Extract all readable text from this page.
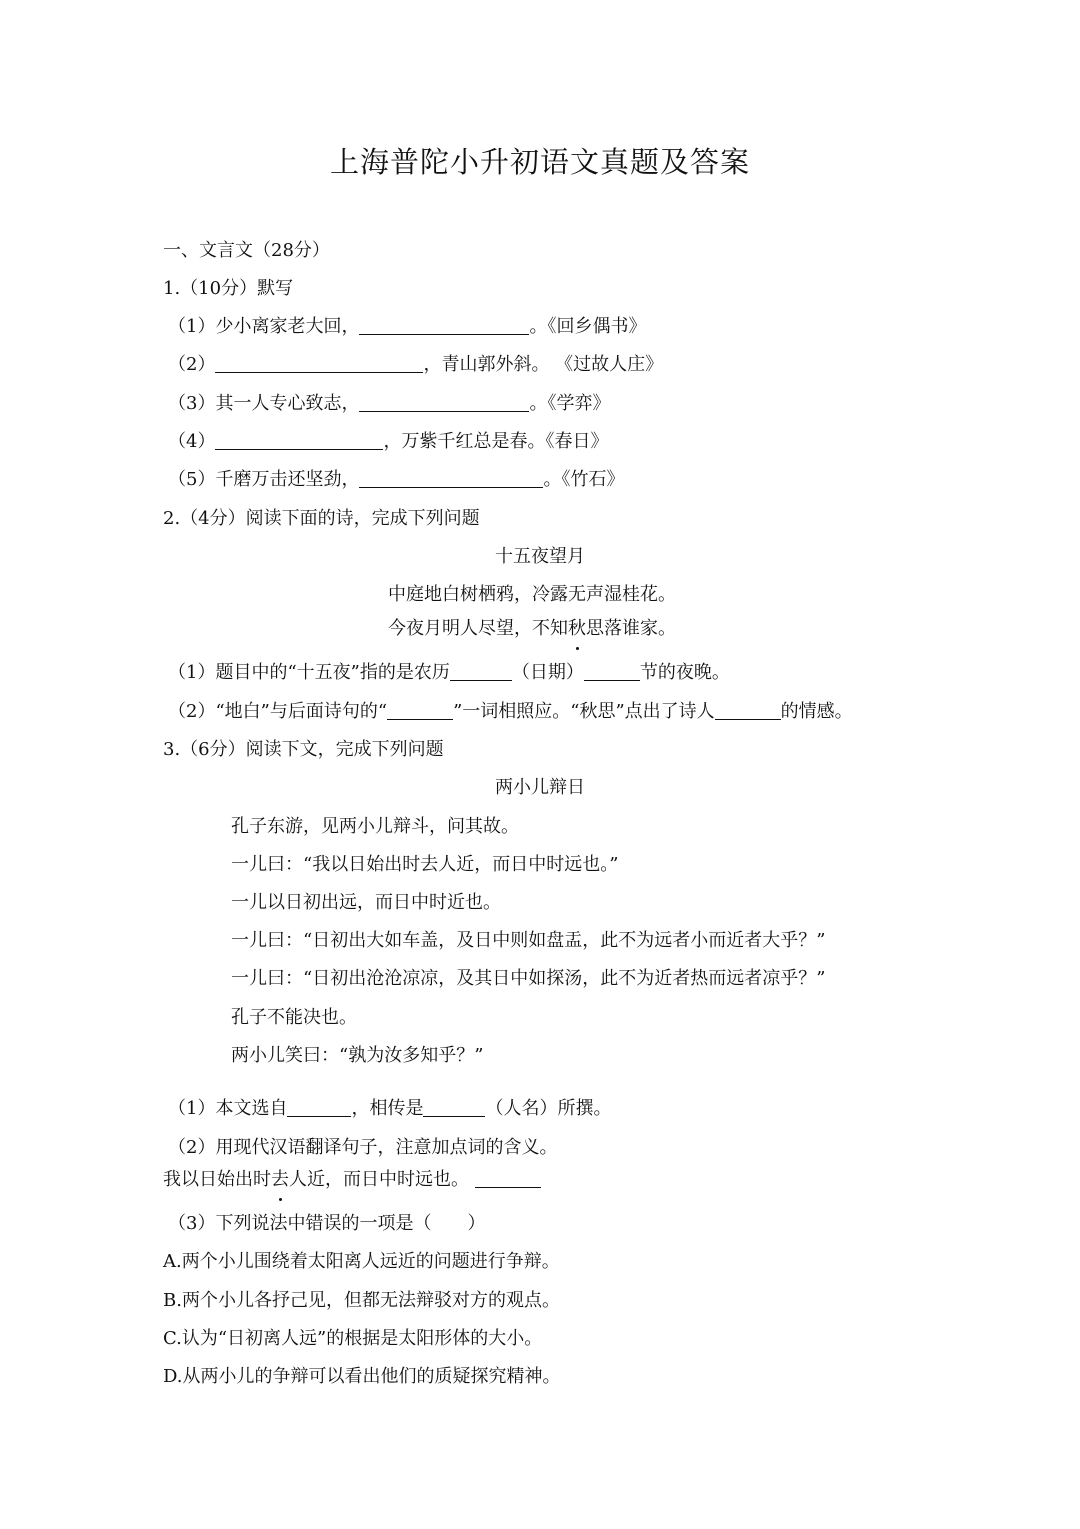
上海普陀小升初语文真题及答案
一、文言文（28分）
1.（10分）默写
（1）少小离家老大回，	。《回乡偶书》
（2）	，青山郭外斜。 《过故人庄》
（3）其一人专心致志，	。《学弈》
（4）	，万紫千红总是春。《春日》
（5）千磨万击还坚劲，	。《竹石》
2.（4分）阅读下面的诗，完成下列问题
十五夜望月
中庭地白树栖鸦，冷露无声湿桂花。
今夜月明人尽望，不知秋思落谁家。
（1）题目中的“十五夜”指的是农历	（日期）	节的夜晚。
（2）“地白”与后面诗句的“	”一词相照应。“秋思”点出了诗人	的情感。
3.（6分）阅读下文，完成下列问题
两小儿辩日
孔子东游，见两小儿辩斗，问其故。
一儿曰：“我以日始出时去人近，而日中时远也。”
一儿以日初出远，而日中时近也。
一儿曰：“日初出大如车盖，及日中则如盘盂，此不为远者小而近者大乎？”
一儿曰：“日初出沧沧凉凉，及其日中如探汤，此不为近者热而远者凉乎？”
孔子不能决也。
两小儿笑曰：“孰为汝多知乎？”
（1）本文选自	，相传是	（人名）所撰。
（2）用现代汉语翻译句子，注意加点词的含义。
我以日始出时去人近，而日中时远也。
（3）下列说法中错误的一项是（　　）
A.两个小儿围绕着太阳离人远近的问题进行争辩。
B.两个小儿各抒己见，但都无法辩驳对方的观点。
C.认为“日初离人远”的根据是太阳形体的大小。
D.从两小儿的争辩可以看出他们的质疑探究精神。
